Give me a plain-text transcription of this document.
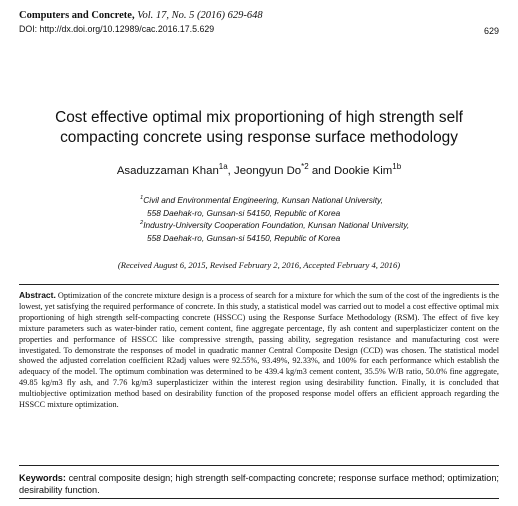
Computers and Concrete, Vol. 17, No. 5 (2016) 629-648
DOI: http://dx.doi.org/10.12989/cac.2016.17.5.629	629
Cost effective optimal mix proportioning of high strength self
compacting concrete using response surface methodology
Asaduzzaman Khan$^{1a}$, Jeongyun Do$^{*2}$ and Dookie Kim$^{1b}$
$^1$Civil and Environmental Engineering, Kunsan National University,
558 Daehak-ro, Gunsan-si 54150, Republic of Korea
$^2$Industry-University Cooperation Foundation, Kunsan National University,
558 Daehak-ro, Gunsan-si 54150, Republic of Korea
(Received August 6, 2015, Revised February 2, 2016, Accepted February 4, 2016)
Abstract. Optimization of the concrete mixture design is a process of search for a mixture for which the sum of the cost of the ingredients is the lowest, yet satisfying the required performance of concrete. In this study, a statistical model was carried out to model a cost effective optimal mix proportioning of high strength self-compacting concrete (HSSCC) using the Response Surface Methodology (RSM). The effect of five key mixture parameters such as water-binder ratio, cement content, fine aggregate percentage, fly ash content and superplasticizer content on the properties and performance of HSSCC like compressive strength, passing ability, segregation resistance and manufacturing cost were investigated. To demonstrate the responses of model in quadratic manner Central Composite Design (CCD) was chosen. The statistical model showed the adjusted correlation coefficient R2adj values were 92.55%, 93.49%, 92.33%, and 100% for each performance which establish the adequacy of the model. The optimum combination was determined to be 439.4 kg/m3 cement content, 35.5% W/B ratio, 50.0% fine aggregate, 49.85 kg/m3 fly ash, and 7.76 kg/m3 superplasticizer within the interest region using desirability function. Finally, it is concluded that multiobjective optimization method based on desirability function of the proposed response model offers an efficient approach regarding the HSSCC mixture optimization.
Keywords: central composite design; high strength self-compacting concrete; response surface method; optimization; desirability function.
